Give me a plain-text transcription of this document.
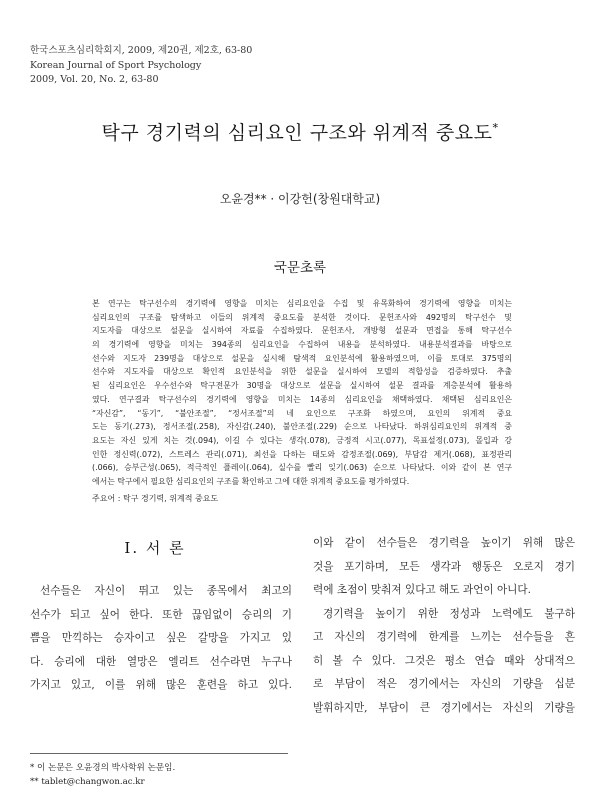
한국스포츠심리학회지, 2009, 제20권, 제2호, 63-80
Korean Journal of Sport Psychology
2009, Vol. 20, No. 2, 63-80
탁구 경기력의 심리요인 구조와 위계적 중요도*
오윤경** · 이강헌(창원대학교)
국문초록
본 연구는 탁구선수의 경기력에 영향을 미치는 심리요인을 수집 및 유목화하여 경기력에 영향을 미치는
심리요인의 구조를 탐색하고 이들의 위계적 중요도를 분석한 것이다. 문헌조사와 492명의 탁구선수 및
지도자를 대상으로 설문을 실시하여 자료를 수집하였다. 문헌조사, 개방형 설문과 면접을 통해 탁구선수
의 경기력에 영향을 미치는 394종의 심리요인을 수집하여 내용을 분석하였다. 내용분석결과를 바탕으로
선수와 지도자 239명을 대상으로 설문을 실시해 탐색적 요인분석에 활용하였으며, 이를 토대로 375명의
선수와 지도자를 대상으로 확인적 요인분석을 위한 설문을 실시하여 모델의 적합성을 검증하였다. 추출
된 심리요인은 우수선수와 탁구전문가 30명을 대상으로 설문을 실시하여 설문 결과를 계층분석에 활용하
였다. 연구결과 탁구선수의 경기력에 영향을 미치는 14종의 심리요인을 채택하였다. 채택된 심리요인은
“자신감”, “동기”, “불안조절”, “정서조절”의 네 요인으로 구조화 하였으며, 요인의 위계적 중요
도는 동기(.273), 정서조절(.258), 자신감(.240), 불안조절(.229) 순으로 나타났다. 하위심리요인의 위계적 중
요도는 자신 있게 치는 것(.094), 이길 수 있다는 생각(.078), 긍정적 시고(.077), 목표설정(.073), 몰입과 강
인한 정신력(.072), 스트레스 관리(.071), 최선을 다하는 태도와 감정조절(.069), 부담감 제거(.068), 표정관리
(.066), 승부근성(.065), 적극적인 플레이(.064), 실수를 빨리 잊기(.063) 순으로 나타났다. 이와 같이 본 연구
에서는 탁구에서 필요한 심리요인의 구조를 확인하고 그에 대한 위계적 중요도를 평가하였다.
주요어 : 탁구 경기력, 위계적 중요도
Ⅰ. 서 론
선수들은 자신이 뛰고 있는 종목에서 최고의
선수가 되고 싶어 한다. 또한 끊임없이 승리의 기
쁨을 만끽하는 승자이고 싶은 갈망을 가지고 있
다. 승리에 대한 열망은 엘리트 선수라면 누구나
가지고 있고, 이를 위해 많은 훈련을 하고 있다.
이와 같이 선수들은 경기력을 높이기 위해 많은
것을 포기하며, 모든 생각과 행동은 오로지 경기
력에 초점이 맞춰져 있다고 해도 과언이 아니다.
경기력을 높이기 위한 정성과 노력에도 불구하
고 자신의 경기력에 한계를 느끼는 선수들을 흔
히 볼 수 있다. 그것은 평소 연습 때와 상대적으
로 부담이 적은 경기에서는 자신의 기량을 십분
발휘하지만, 부담이 큰 경기에서는 자신의 기량을
* 이 논문은 오윤경의 박사학위 논문임.
** tablet@changwon.ac.kr
